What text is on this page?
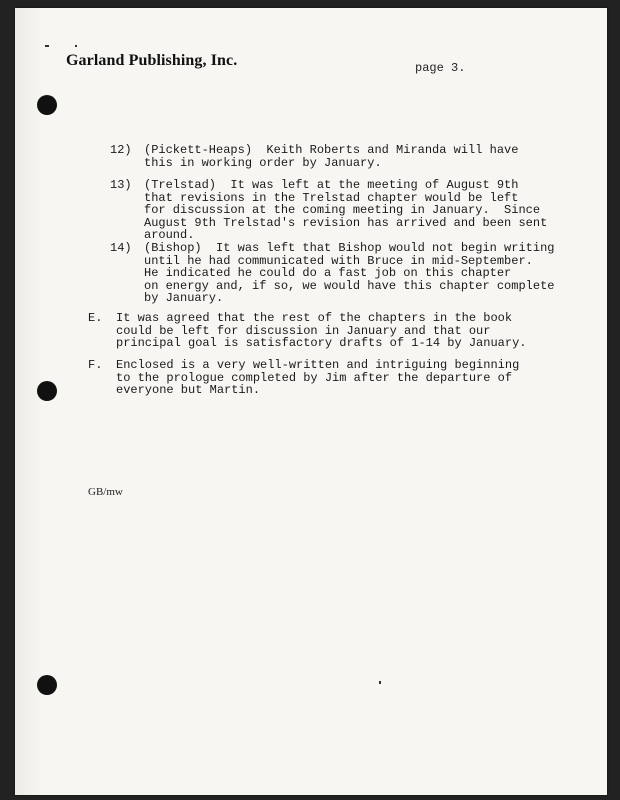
Garland Publishing, Inc.	page 3.
12) (Pickett-Heaps)  Keith Roberts and Miranda will have
this in working order by January.
13) (Trelstad)  It was left at the meeting of August 9th
that revisions in the Trelstad chapter would be left
for discussion at the coming meeting in January.  Since
August 9th Trelstad's revision has arrived and been sent
around.
14) (Bishop)  It was left that Bishop would not begin writing
until he had communicated with Bruce in mid-September.
He indicated he could do a fast job on this chapter
on energy and, if so, we would have this chapter complete
by January.
E. It was agreed that the rest of the chapters in the book
could be left for discussion in January and that our
principal goal is satisfactory drafts of 1-14 by January.
F. Enclosed is a very well-written and intriguing beginning
to the prologue completed by Jim after the departure of
everyone but Martin.
GB/mw
